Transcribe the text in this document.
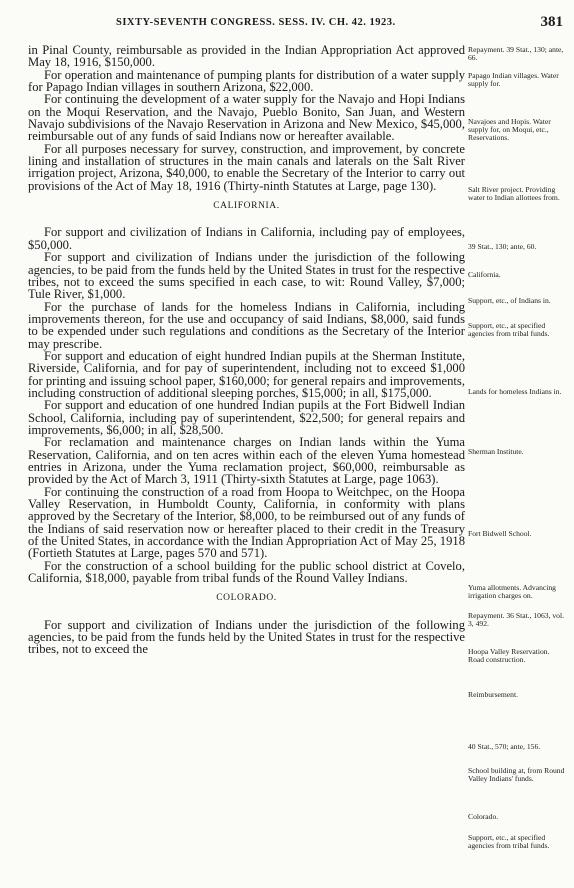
SIXTY-SEVENTH CONGRESS. SESS. IV. CH. 42. 1923.	381

in Pinal County, reimbursable as provided in the Indian Appropriation Act approved May 18, 1916, $150,000.

For operation and maintenance of pumping plants for distribution of a water supply for Papago Indian villages in southern Arizona, $22,000.

For continuing the development of a water supply for the Navajo and Hopi Indians on the Moqui Reservation, and the Navajo, Pueblo Bonito, San Juan, and Western Navajo subdivisions of the Navajo Reservation in Arizona and New Mexico, $45,000, reimbursable out of any funds of said Indians now or hereafter available.

For all purposes necessary for survey, construction, and improvement, by concrete lining and installation of structures in the main canals and laterals on the Salt River irrigation project, Arizona, $40,000, to enable the Secretary of the Interior to carry out provisions of the Act of May 18, 1916 (Thirty-ninth Statutes at Large, page 130).

CALIFORNIA.

For support and civilization of Indians in California, including pay of employees, $50,000.

For support and civilization of Indians under the jurisdiction of the following agencies, to be paid from the funds held by the United States in trust for the respective tribes, not to exceed the sums specified in each case, to wit: Round Valley, $7,000; Tule River, $1,000.

For the purchase of lands for the homeless Indians in California, including improvements thereon, for the use and occupancy of said Indians, $8,000, said funds to be expended under such regulations and conditions as the Secretary of the Interior may prescribe.

For support and education of eight hundred Indian pupils at the Sherman Institute, Riverside, California, and for pay of superintendent, including not to exceed $1,000 for printing and issuing school paper, $160,000; for general repairs and improvements, including construction of additional sleeping porches, $15,000; in all, $175,000.

For support and education of one hundred Indian pupils at the Fort Bidwell Indian School, California, including pay of superintendent, $22,500; for general repairs and improvements, $6,000; in all, $28,500.

For reclamation and maintenance charges on Indian lands within the Yuma Reservation, California, and on ten acres within each of the eleven Yuma homestead entries in Arizona, under the Yuma reclamation project, $60,000, reimbursable as provided by the Act of March 3, 1911 (Thirty-sixth Statutes at Large, page 1063).

For continuing the construction of a road from Hoopa to Weitchpec, on the Hoopa Valley Reservation, in Humboldt County, California, in conformity with plans approved by the Secretary of the Interior, $8,000, to be reimbursed out of any funds of the Indians of said reservation now or hereafter placed to their credit in the Treasury of the United States, in accordance with the Indian Appropriation Act of May 25, 1918 (Fortieth Statutes at Large, pages 570 and 571).

For the construction of a school building for the public school district at Covelo, California, $18,000, payable from tribal funds of the Round Valley Indians.

COLORADO.

For support and civilization of Indians under the jurisdiction of the following agencies, to be paid from the funds held by the United States in trust for the respective tribes, not to exceed the

Repayment. 39 Stat., 130; ante, 66.
Papago Indian villages. Water supply for.
Navajoes and Hopis. Water supply for, on Moqui, etc., Reservations.
Salt River project. Providing water to Indian allottees from.
39 Stat., 130; ante, 60.
California.
Support, etc., of Indians in.
Support, etc., at specified agencies from tribal funds.
Lands for homeless Indians in.
Sherman Institute.
Fort Bidwell School.
Yuma allotments. Advancing irrigation charges on.
Repayment. 36 Stat., 1063, vol. 3, 492.
Hoopa Valley Reservation. Road construction.
Reimbursement.
40 Stat., 570; ante, 156.
School building at, from Round Valley Indians' funds.
Colorado.
Support, etc., at specified agencies from tribal funds.
